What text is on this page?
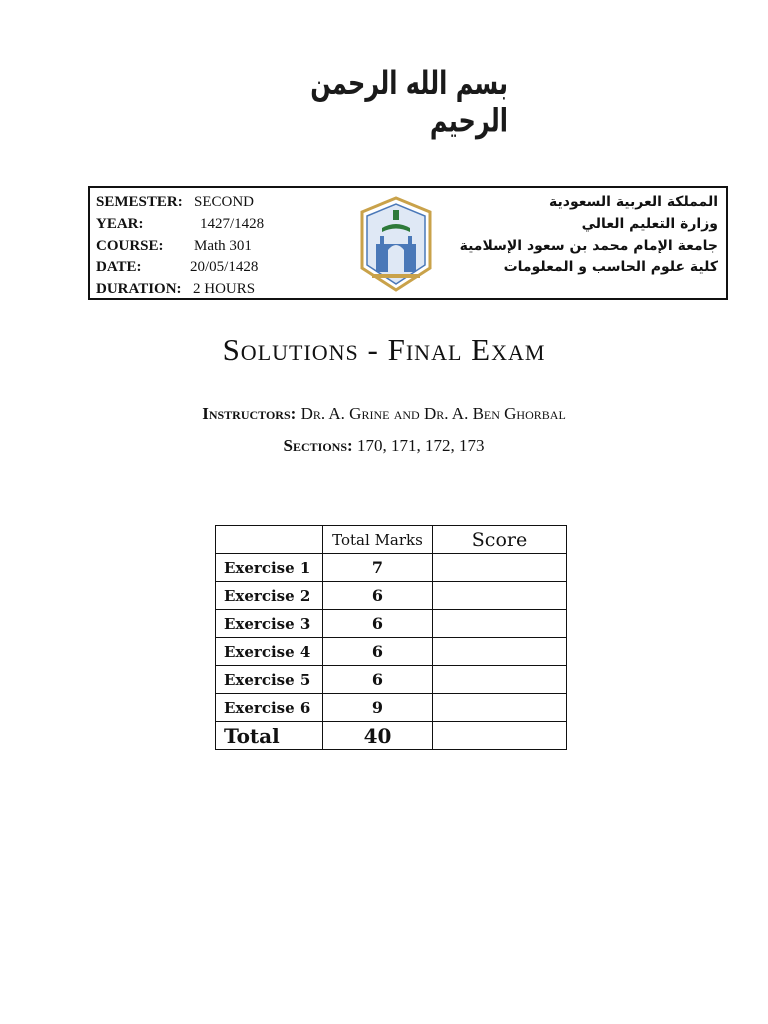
بسم الله الرحمن الرحيم
SEMESTER: SECOND
YEAR:	1427/1428
COURSE: Math 301
DATE:	20/05/1428
DURATION: 2 HOURS
المملكة العربية السعودية
وزارة التعليم العالي
جامعة الإمام محمد بن سعود الإسلامية
كلية علوم الحاسب و المعلومات
Solutions - Final Exam
Instructors: Dr. A. Grine and Dr. A. Ben Ghorbal
Sections: 170, 171, 172, 173
	Total Marks	Score
Exercise 1	7	
Exercise 2	6	
Exercise 3	6	
Exercise 4	6	
Exercise 5	6	
Exercise 6	9	
Total	40	
